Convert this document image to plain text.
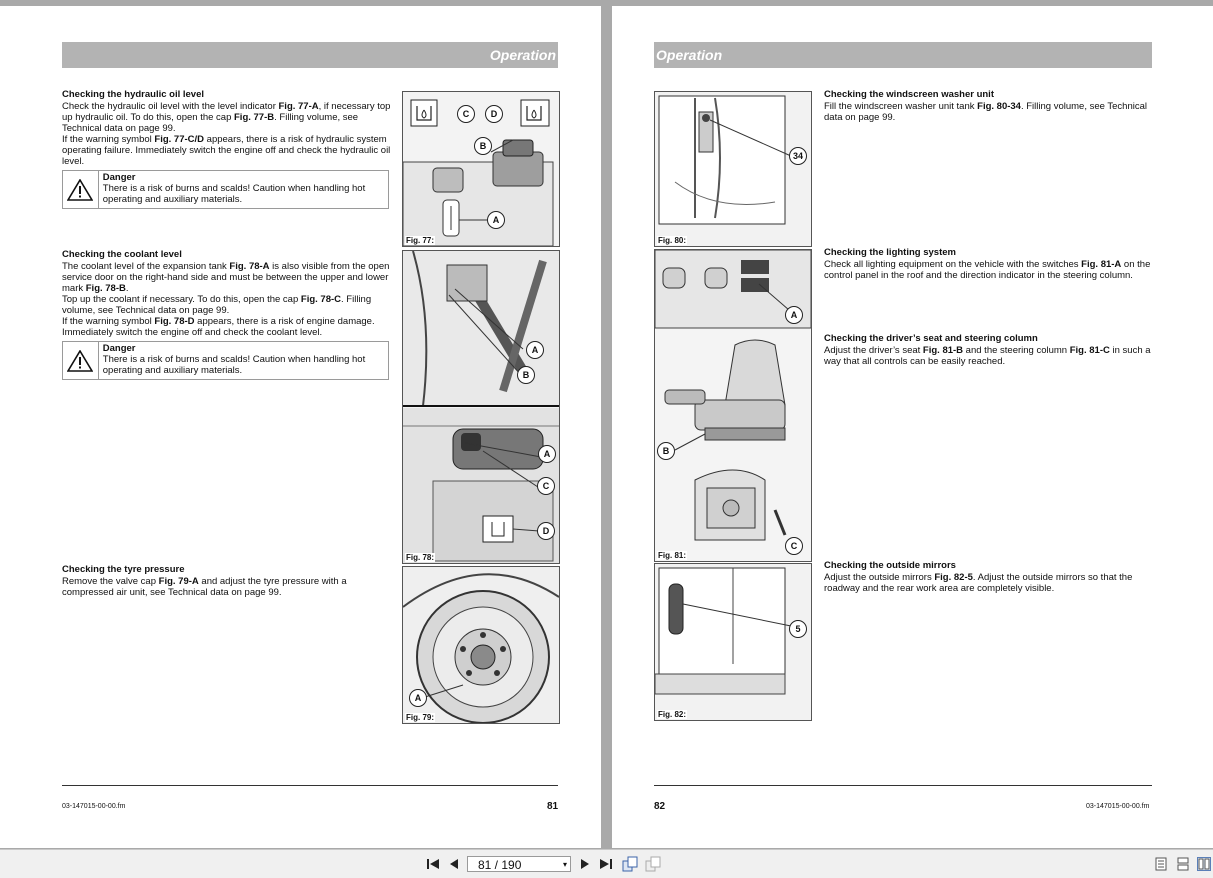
Operation
Checking the hydraulic oil level

Check the hydraulic oil level with the level indicator Fig. 77-A, if necessary top up hydraulic oil. To do this, open the cap Fig. 77-B. Filling volume, see Technical data on page 99.

If the warning symbol Fig. 77-C/D appears, there is a risk of hydraulic system operating failure. Immediately switch the engine off and check the hydraulic oil level.

Danger
There is a risk of burns and scalds! Caution when handling hot operating and auxiliary materials.
Checking the coolant level

The coolant level of the expansion tank Fig. 78-A is also visible from the open service door on the right-hand side and must be between the upper and lower mark Fig. 78-B.

Top up the coolant if necessary. To do this, open the cap Fig. 78-C. Filling volume, see Technical data on page 99.

If the warning symbol Fig. 78-D appears, there is a risk of engine damage. Immediately switch the engine off and check the coolant level.

Danger
There is a risk of burns and scalds! Caution when handling hot operating and auxiliary materials.
Checking the tyre pressure

Remove the valve cap Fig. 79-A and adjust the tyre pressure with a compressed air unit, see Technical data on page 99.

C	D
B
A
Fig. 77:
A
B
A
C
D
Fig. 78:
A
Fig. 79:
03-147015-00-00.fm	81
Operation
Checking the windscreen washer unit

Fill the windscreen washer unit tank Fig. 80-34. Filling volume, see Technical data on page 99.

Checking the lighting system

Check all lighting equipment on the vehicle with the switches Fig. 81-A on the control panel in the roof and the direction indicator in the steering column.

Checking the driver’s seat and steering column

Adjust the driver’s seat Fig. 81-B and the steering column Fig. 81-C in such a way that all controls can be easily reached.

Checking the outside mirrors

Adjust the outside mirrors Fig. 82-5. Adjust the outside mirrors so that the roadway and the rear work area are completely visible.

34
Fig. 80:
A
B
C
Fig. 81:
5
Fig. 82:
82	03-147015-00-00.fm
81 / 190	▾
